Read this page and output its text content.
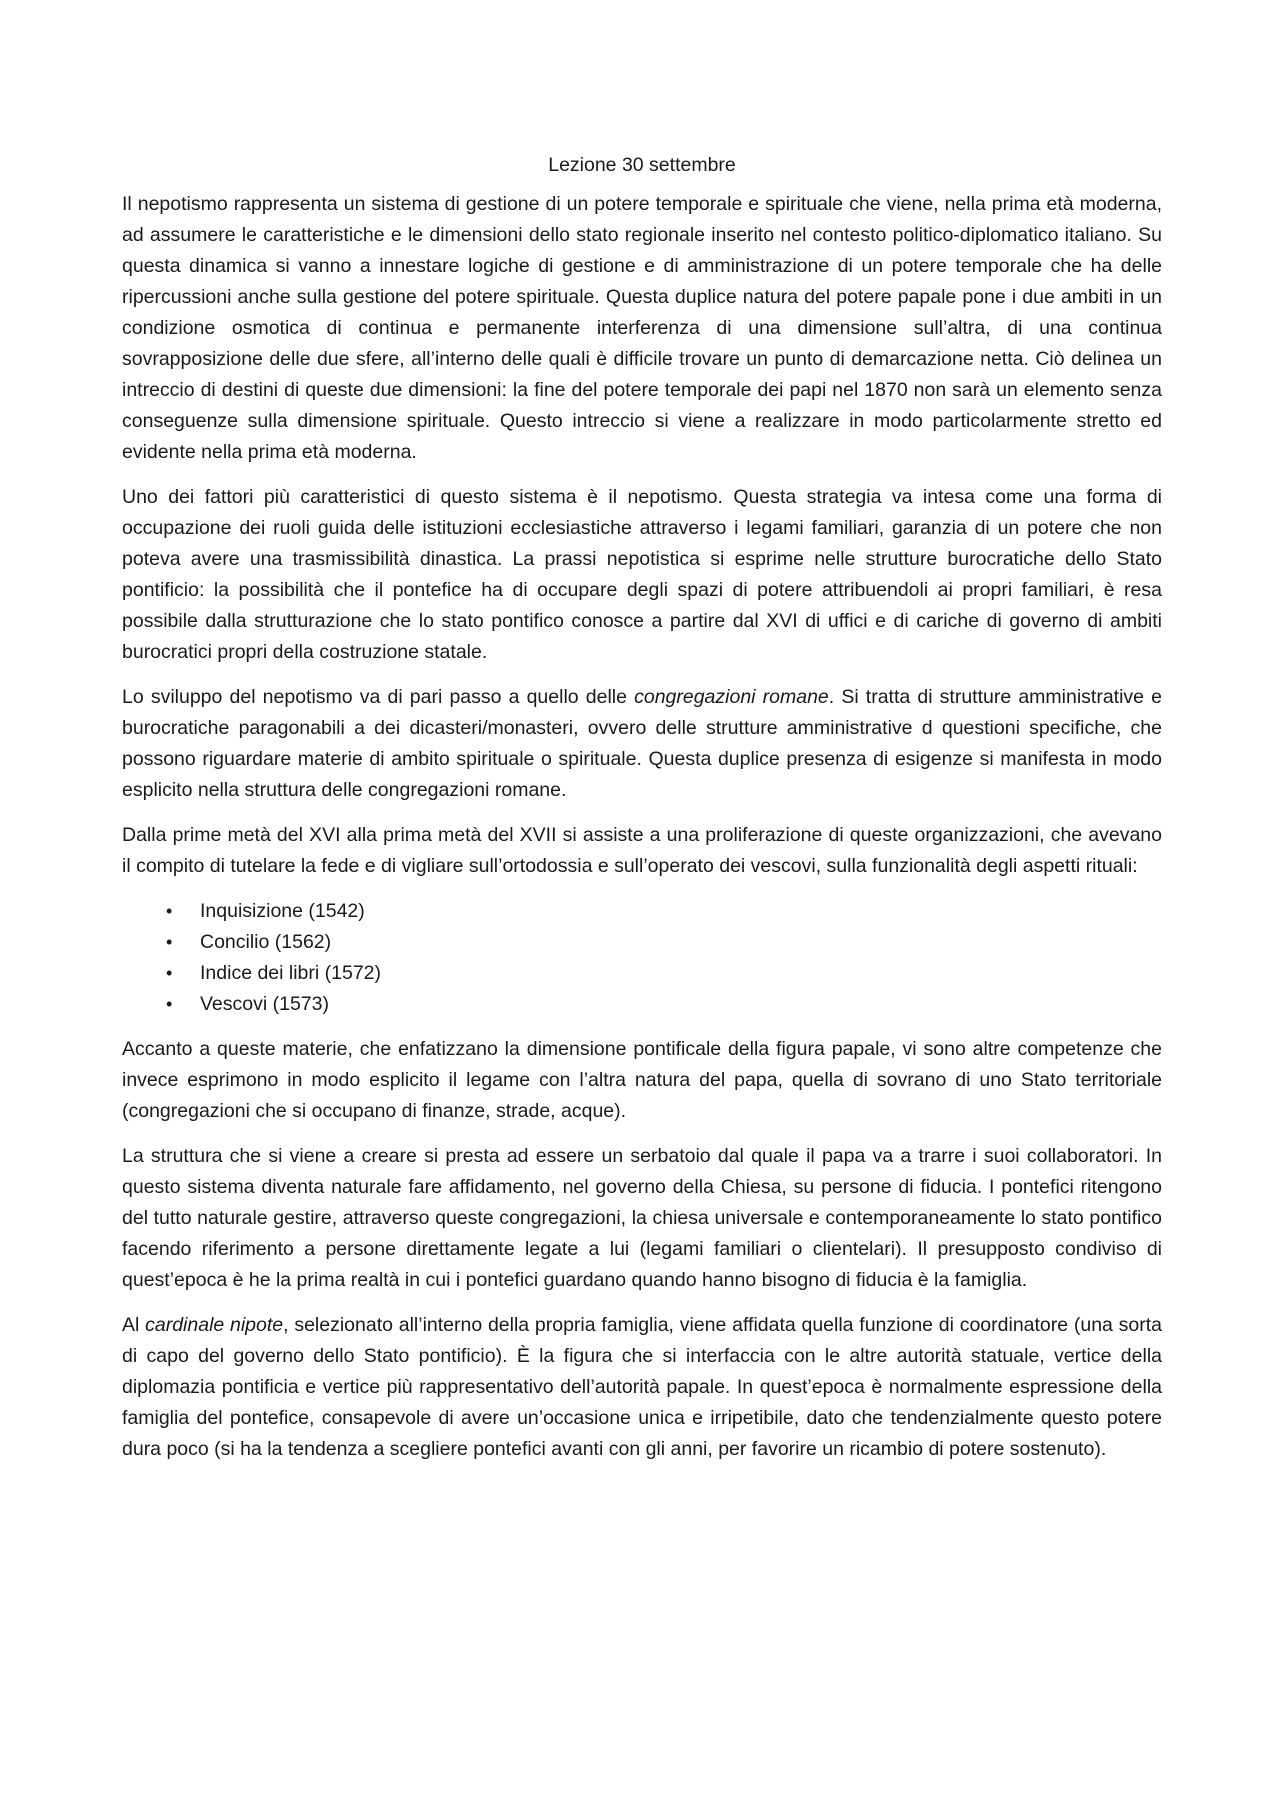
Lezione 30 settembre

Il nepotismo rappresenta un sistema di gestione di un potere temporale e spirituale che viene, nella prima età moderna, ad assumere le caratteristiche e le dimensioni dello stato regionale inserito nel contesto politico-diplomatico italiano. Su questa dinamica si vanno a innestare logiche di gestione e di amministrazione di un potere temporale che ha delle ripercussioni anche sulla gestione del potere spirituale. Questa duplice natura del potere papale pone i due ambiti in un condizione osmotica di continua e permanente interferenza di una dimensione sull’altra, di una continua sovrapposizione delle due sfere, all’interno delle quali è difficile trovare un punto di demarcazione netta. Ciò delinea un intreccio di destini di queste due dimensioni: la fine del potere temporale dei papi nel 1870 non sarà un elemento senza conseguenze sulla dimensione spirituale. Questo intreccio si viene a realizzare in modo particolarmente stretto ed evidente nella prima età moderna.

Uno dei fattori più caratteristici di questo sistema è il nepotismo. Questa strategia va intesa come una forma di occupazione dei ruoli guida delle istituzioni ecclesiastiche attraverso i legami familiari, garanzia di un potere che non poteva avere una trasmissibilità dinastica. La prassi nepotistica si esprime nelle strutture burocratiche dello Stato pontificio: la possibilità che il pontefice ha di occupare degli spazi di potere attribuendoli ai propri familiari, è resa possibile dalla strutturazione che lo stato pontifico conosce a partire dal XVI di uffici e di cariche di governo di ambiti burocratici propri della costruzione statale.

Lo sviluppo del nepotismo va di pari passo a quello delle congregazioni romane. Si tratta di strutture amministrative e burocratiche paragonabili a dei dicasteri/monasteri, ovvero delle strutture amministrative d questioni specifiche, che possono riguardare materie di ambito spirituale o spirituale. Questa duplice presenza di esigenze si manifesta in modo esplicito nella struttura delle congregazioni romane.

Dalla prime metà del XVI alla prima metà del XVII si assiste a una proliferazione di queste organizzazioni, che avevano il compito di tutelare la fede e di vigliare sull’ortodossia e sull’operato dei vescovi, sulla funzionalità degli aspetti rituali:

• Inquisizione (1542)
• Concilio (1562)
• Indice dei libri (1572)
• Vescovi (1573)

Accanto a queste materie, che enfatizzano la dimensione pontificale della figura papale, vi sono altre competenze che invece esprimono in modo esplicito il legame con l’altra natura del papa, quella di sovrano di uno Stato territoriale (congregazioni che si occupano di finanze, strade, acque).

La struttura che si viene a creare si presta ad essere un serbatoio dal quale il papa va a trarre i suoi collaboratori. In questo sistema diventa naturale fare affidamento, nel governo della Chiesa, su persone di fiducia. I pontefici ritengono del tutto naturale gestire, attraverso queste congregazioni, la chiesa universale e contemporaneamente lo stato pontifico facendo riferimento a persone direttamente legate a lui (legami familiari o clientelari). Il presupposto condiviso di quest’epoca è he la prima realtà in cui i pontefici guardano quando hanno bisogno di fiducia è la famiglia.

Al cardinale nipote, selezionato all’interno della propria famiglia, viene affidata quella funzione di coordinatore (una sorta di capo del governo dello Stato pontificio). È la figura che si interfaccia con le altre autorità statuale, vertice della diplomazia pontificia e vertice più rappresentativo dell’autorità papale. In quest’epoca è normalmente espressione della famiglia del pontefice, consapevole di avere un’occasione unica e irripetibile, dato che tendenzialmente questo potere dura poco (si ha la tendenza a scegliere pontefici avanti con gli anni, per favorire un ricambio di potere sostenuto).
